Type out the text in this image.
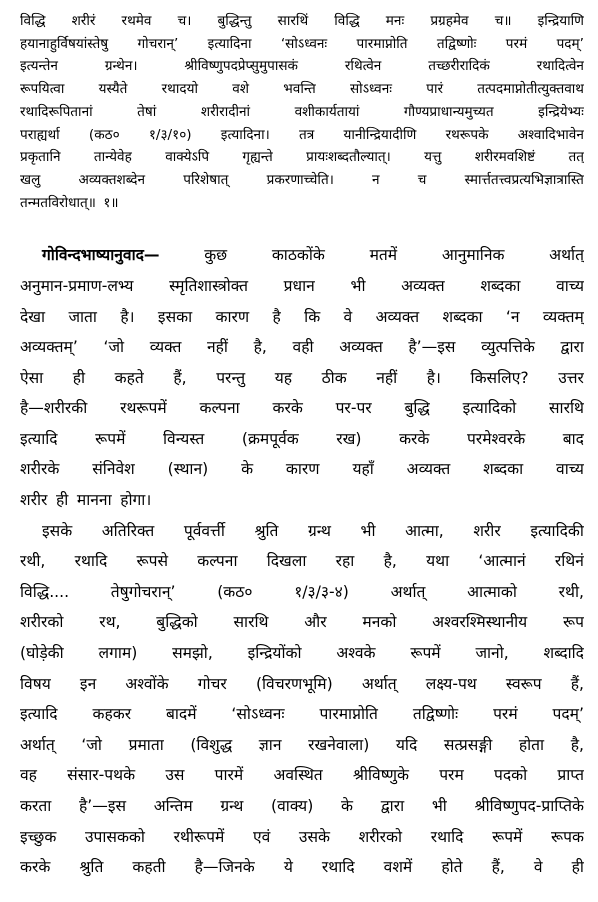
विद्धि शरीरं रथमेव च। बुद्धिन्तु सारथिं विद्धि मनः प्रग्रहमेव च॥ इन्द्रियाणि
हयानाहुर्विषयांस्तेषु गोचरान्’ इत्यादिना ‘सोऽध्वनः पारमाप्नोति तद्विष्णोः परमं पदम्’
इत्यन्तेन	ग्रन्थेन।	श्रीविष्णुपदप्रेप्सुमुपासकं	रथित्वेन	तच्छरीरादिकं	रथादित्वेन
रूपयित्वा	यस्यैते	रथादयो	वशे	भवन्ति	सोऽध्वनः	पारं	तत्पदमाप्नोतीत्युक्तवाथ
रथादिरूपितानां	तेषां	शरीरादीनां	वशीकार्यतायां	गौण्यप्राधान्यमुच्यत	इन्द्रियेभ्यः
पराह्यर्था (कठ० १/३/१०) इत्यादिना। तत्र यानीन्द्रियादीणि रथरूपके अश्वादिभावेन
प्रकृतानि तान्येवेह वाक्येऽपि गृह्यन्ते प्रायःशब्दतौल्यात्। यत्तु शरीरमवशिष्टं तत्
खलु	अव्यक्तशब्देन	परिशेषात्	प्रकरणाच्चेति।	न	च	स्मार्त्ततत्त्वप्रत्यभिज्ञात्रास्ति
तन्मतविरोधात्॥ १॥
गोविन्दभाष्यानुवाद—	कुछ	काठकोंके	मतमें	आनुमानिक	अर्थात्
अनुमान-प्रमाण-लभ्य स्मृतिशास्त्रोक्त प्रधान भी अव्यक्त शब्दका वाच्य
देखा जाता है। इसका कारण है कि वे अव्यक्त शब्दका ‘न व्यक्तम्
अव्यक्तम्’ ‘जो व्यक्त नहीं है, वही अव्यक्त है’—इस व्युत्पत्तिके द्वारा
ऐसा ही कहते हैं, परन्तु यह ठीक नहीं है। किसलिए? उत्तर
है—शरीरकी रथरूपमें कल्पना करके पर-पर बुद्धि इत्यादिको सारथि
इत्यादि रूपमें विन्यस्त (क्रमपूर्वक रख) करके परमेश्वरके बाद
शरीरके संनिवेश (स्थान) के कारण यहाँ अव्यक्त शब्दका वाच्य
शरीर ही मानना होगा।
इसके अतिरिक्त पूर्ववर्त्ती श्रुति ग्रन्थ भी आत्मा, शरीर इत्यादिकी
रथी, रथादि रूपसे कल्पना दिखला रहा है, यथा ‘आत्मानं रथिनं
विद्धि....	तेषुगोचरान्’	(कठ०	१/३/३-४)	अर्थात्	आत्माको	रथी,
शरीरको रथ, बुद्धिको सारथि और मनको अश्वरश्मिस्थानीय रूप
(घोड़ेकी लगाम) समझो, इन्द्रियोंको अश्वके रूपमें जानो, शब्दादि
विषय इन अश्वोंके गोचर (विचरणभूमि) अर्थात् लक्ष्य-पथ स्वरूप हैं,
इत्यादि कहकर बादमें ‘सोऽध्वनः पारमाप्नोति तद्विष्णोः परमं पदम्’
अर्थात् ‘जो प्रमाता (विशुद्ध ज्ञान रखनेवाला) यदि सत्प्रसङ्गी होता है,
वह संसार-पथके उस पारमें अवस्थित श्रीविष्णुके परम पदको प्राप्त
करता है’—इस अन्तिम ग्रन्थ (वाक्य) के द्वारा भी श्रीविष्णुपद-प्राप्तिके
इच्छुक उपासकको रथीरूपमें एवं उसके शरीरको रथादि रूपमें रूपक
करके श्रुति कहती है—जिनके ये रथादि वशमें होते हैं, वे ही
